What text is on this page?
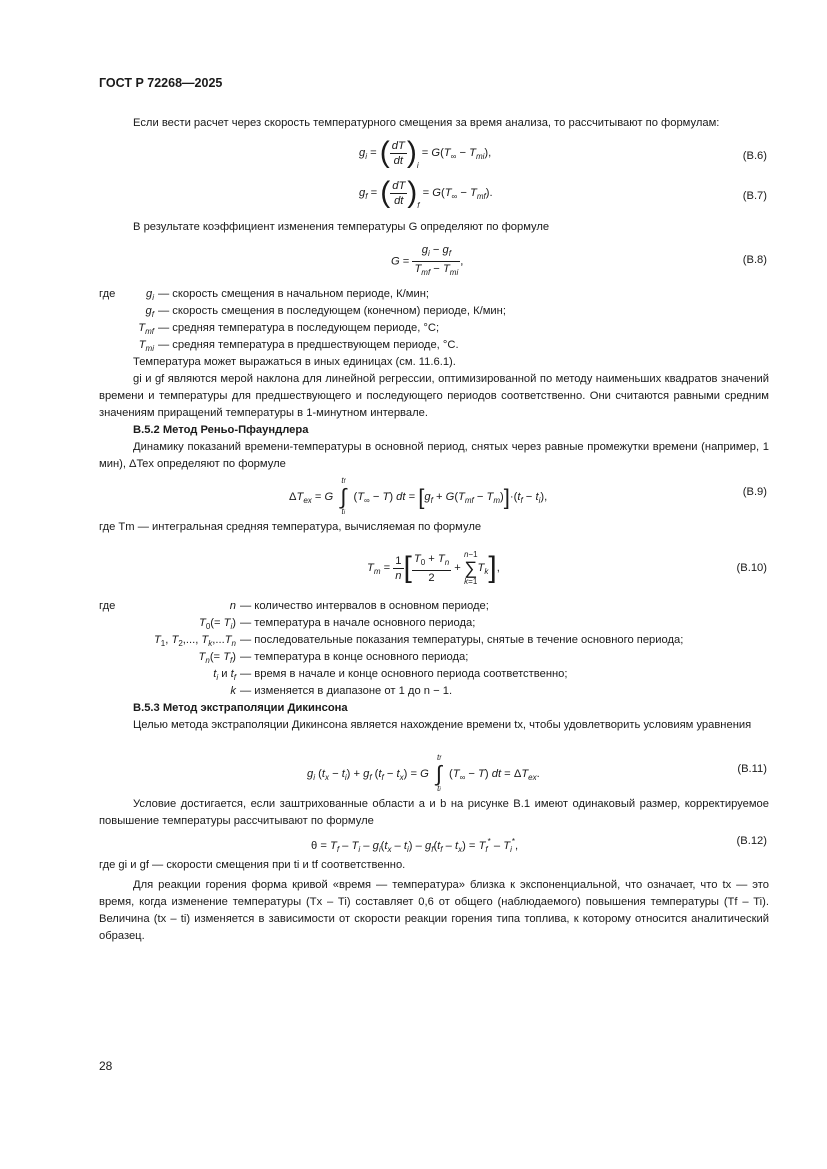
ГОСТ Р 72268—2025
Если вести расчет через скорость температурного смещения за время анализа, то рассчитывают по формулам:
$g_i$ = ( $\frac{dT}{dt} )_i = G(T_\infty - T_{mi})$,	(B.6)
$g_f$ = ( $\frac{dT}{dt} )_f = G(T_\infty - T_{mf})$.	(B.7)
В результате коэффициент изменения температуры G определяют по формуле
$G = \frac{g_i - g_f}{T_{mf} - T_{mi}}$ ,	(B.8)
где	$g_i$ — скорость смещения в начальном периоде, К/мин;
$g_f$ — скорость смещения в последующем (конечном) периоде, К/мин;
$T_{mf}$ — средняя температура в последующем периоде, °С;
$T_{mi}$ — средняя температура в предшествующем периоде, °С.
Температура может выражаться в иных единицах (см. 11.6.1).
gi и gf являются мерой наклона для линейной регрессии, оптимизированной по методу наименьших квадратов значений времени и температуры для предшествующего и последующего периодов соответственно. Они считаются равными средним значениям приращений температуры в 1-минутном интервале.
B.5.2 Метод Реньо-Пфаундлера
Динамику показаний времени-температуры в основной период, снятых через равные промежутки времени (например, 1 мин), ΔTex определяют по формуле
$\Delta T_{ex} = G$
tf
∫
ti
$(T_\infty - T)$ dt = $[g_f + G(T_{mf} - T_m)]\cdot(t_f - t_i)$,	(B.9)
где Tm — интегральная средняя температура, вычисляемая по формуле
$T_m = \frac{1}{n}$ [ $\frac{T_0 + T_n}{2} + n-1$
∑
$k=1T_k$],	(B.10)
где	n — количество интервалов в основном периоде;
$T_0(= T_i)$ — температура в начале основного периода;
$T_1$, $T_2$,..., $T_k,...T_n$ — последовательные показания температуры, снятые в течение основного периода;
$T_n(= T_f)$ — температура в конце основного периода;
$t_i$ и $t_f$ — время в начале и конце основного периода соответственно;
k — изменяется в диапазоне от 1 до n − 1.
B.5.3 Метод экстраполяции Дикинсона
Целью метода экстраполяции Дикинсона является нахождение времени tx, чтобы удовлетворить условиям уравнения
$g_i$ $(t_x - t_i) + g_f$ $(t_f - t_x) = G$
tf
∫
ti
$(T_\infty - T)$ dt = $\Delta T_{ex}$.	(B.11)
Условие достигается, если заштрихованные области а и b на рисунке B.1 имеют одинаковый размер, корректируемое повышение температуры рассчитывают по формуле
$\theta = T_f - T_i - g_i(t_x - t_i) - g_f(t_f - t_x) = T_f^* - T_i^*$,	(B.12)
где gi и gf — скорости смещения при ti и tf соответственно.
Для реакции горения форма кривой «время — температура» близка к экспоненциальной, что означает, что tx — это время, когда изменение температуры (Tx – Ti) составляет 0,6 от общего (наблюдаемого) повышения температуры (Tf – Ti). Величина (tx – ti) изменяется в зависимости от скорости реакции горения типа топлива, к которому относится аналитический образец.
28
